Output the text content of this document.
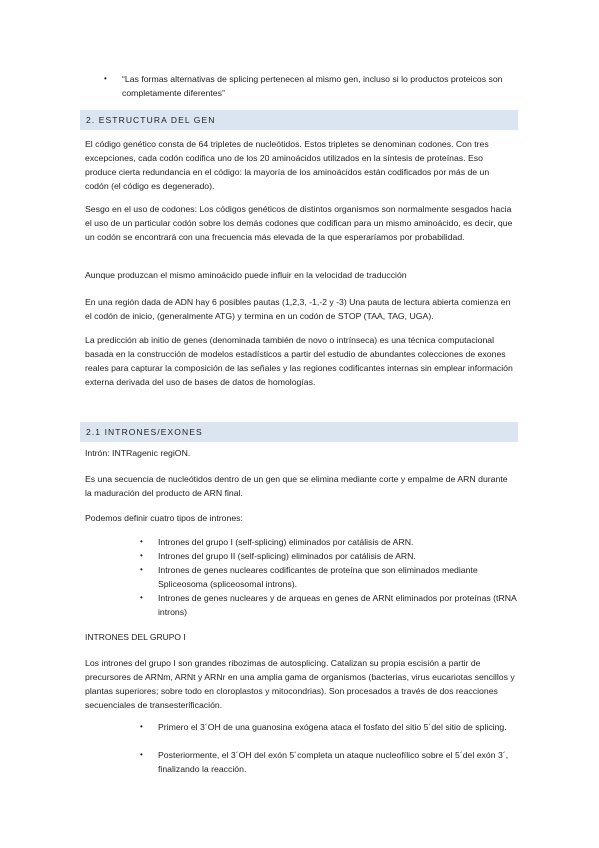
•	“Las formas alternativas de splicing pertenecen al mismo gen, incluso si lo productos proteicos son completamente diferentes”
2. ESTRUCTURA DEL GEN

El código genético consta de 64 tripletes de nucleótidos. Estos tripletes se denominan codones. Con tres excepciones, cada codón codifica uno de los 20 aminoácidos utilizados en la síntesis de proteínas. Eso produce cierta redundancia en el código: la mayoría de los aminoácidos están codificados por más de un codón (el código es degenerado).

Sesgo en el uso de codones: Los códigos genéticos de distintos organismos son normalmente sesgados hacia el uso de un particular codón sobre los demás codones que codifican para un mismo aminoácido, es decir, que un codón se encontrará con una frecuencia más elevada de la que esperaríamos por probabilidad.

Aunque produzcan el mismo aminoácido puede influir en la velocidad de traducción

En una región dada de ADN hay 6 posibles pautas (1,2,3, -1,-2 y -3) Una pauta de lectura abierta comienza en el codón de inicio, (generalmente ATG) y termina en un codón de STOP (TAA, TAG, UGA).

La predicción ab initio de genes (denominada también de novo o intrínseca) es una técnica computacional basada en la construcción de modelos estadísticos a partir del estudio de abundantes colecciones de exones reales para capturar la composición de las señales y las regiones codificantes internas sin emplear información externa derivada del uso de bases de datos de homologías.

2.1 INTRONES/EXONES

Intrón: INTRagenic regiON.

Es una secuencia de nucleótidos dentro de un gen que se elimina mediante corte y empalme de ARN durante la maduración del producto de ARN final.

Podemos definir cuatro tipos de intrones:

•	Intrones del grupo I (self-splicing) eliminados por catálisis de ARN.
•	Intrones del grupo II (self-splicing) eliminados por catálisis de ARN.
•	Intrones de genes nucleares codificantes de proteína que son eliminados mediante Spliceosoma (spliceosomal introns).
•	Intrones de genes nucleares y de arqueas en genes de ARNt eliminados por proteínas (tRNA introns)
INTRONES DEL GRUPO I

Los intrones del grupo I son grandes ribozimas de autosplicing. Catalizan su propia escisión a partir de precursores de ARNm, ARNt y ARNr en una amplia gama de organismos (bacterias, virus eucariotas sencillos y plantas superiores; sobre todo en cloroplastos y mitocondrias). Son procesados a través de dos reacciones secuenciales de transesterificación.

•	Primero el 3´OH de una guanosina exógena ataca el fosfato del sitio 5´del sitio de splicing.
•	Posteriormente, el 3´OH del exón 5´completa un ataque nucleofílico sobre el 5´del exón 3´, finalizando la reacción.
